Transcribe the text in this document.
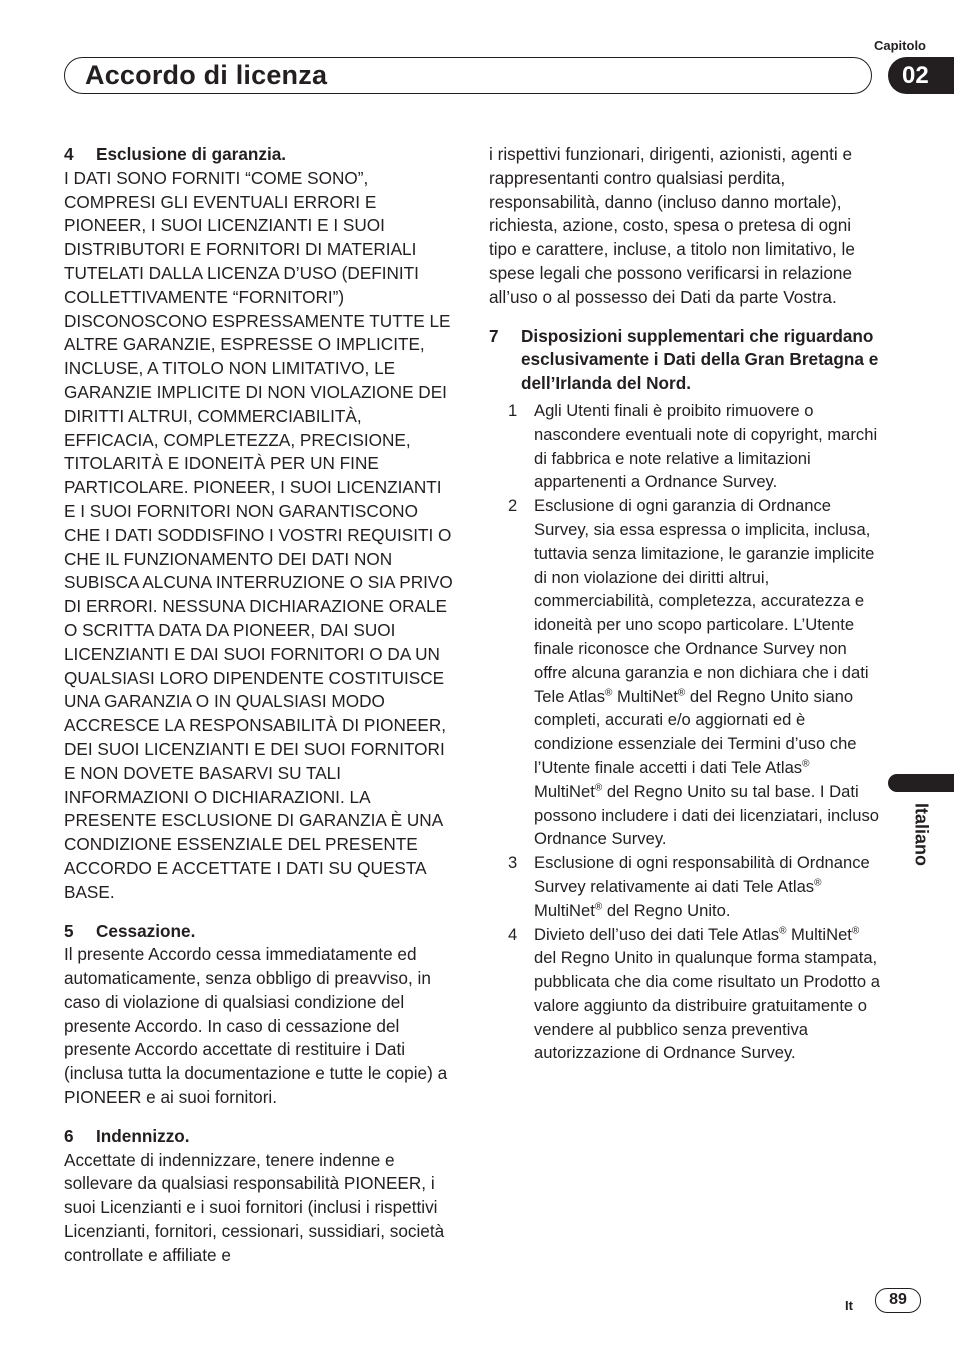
Capitolo
Accordo di licenza	02
4	Esclusione di garanzia.

I DATI SONO FORNITI “COME SONO”, COMPRESI GLI EVENTUALI ERRORI E PIONEER, I SUOI LICENZIANTI E I SUOI DISTRIBUTORI E FORNITORI DI MATERIALI TUTELATI DALLA LICENZA D’USO (DEFINITI COLLETTIVAMENTE “FORNITORI”) DISCONOSCONO ESPRESSAMENTE TUTTE LE ALTRE GARANZIE, ESPRESSE O IMPLICITE, INCLUSE, A TITOLO NON LIMITATIVO, LE GARANZIE IMPLICITE DI NON VIOLAZIONE DEI DIRITTI ALTRUI, COMMERCIABILITÀ, EFFICACIA, COMPLETEZZA, PRECISIONE, TITOLARITÀ E IDONEITÀ PER UN FINE PARTICOLARE. PIONEER, I SUOI LICENZIANTI E I SUOI FORNITORI NON GARANTISCONO CHE I DATI SODDISFINO I VOSTRI REQUISITI O CHE IL FUNZIONAMENTO DEI DATI NON SUBISCA ALCUNA INTERRUZIONE O SIA PRIVO DI ERRORI. NESSUNA DICHIARAZIONE ORALE O SCRITTA DATA DA PIONEER, DAI SUOI LICENZIANTI E DAI SUOI FORNITORI O DA UN QUALSIASI LORO DIPENDENTE COSTITUISCE UNA GARANZIA O IN QUALSIASI MODO ACCRESCE LA RESPONSABILITÀ DI PIONEER, DEI SUOI LICENZIANTI E DEI SUOI FORNITORI E NON DOVETE BASARVI SU TALI INFORMAZIONI O DICHIARAZIONI. LA PRESENTE ESCLUSIONE DI GARANZIA È UNA CONDIZIONE ESSENZIALE DEL PRESENTE ACCORDO E ACCETTATE I DATI SU QUESTA BASE.

5	Cessazione.

Il presente Accordo cessa immediatamente ed automaticamente, senza obbligo di preavviso, in caso di violazione di qualsiasi condizione del presente Accordo. In caso di cessazione del presente Accordo accettate di restituire i Dati (inclusa tutta la documentazione e tutte le copie) a PIONEER e ai suoi fornitori.

6	Indennizzo.

Accettate di indennizzare, tenere indenne e sollevare da qualsiasi responsabilità PIONEER, i suoi Licenzianti e i suoi fornitori (inclusi i rispettivi Licenzianti, fornitori, cessionari, sussidiari, società controllate e affiliate e

i rispettivi funzionari, dirigenti, azionisti, agenti e rappresentanti contro qualsiasi perdita, responsabilità, danno (incluso danno mortale), richiesta, azione, costo, spesa o pretesa di ogni tipo e carattere, incluse, a titolo non limitativo, le spese legali che possono verificarsi in relazione all’uso o al possesso dei Dati da parte Vostra.

7	Disposizioni supplementari che riguardano esclusivamente i Dati della Gran Bretagna e dell’Irlanda del Nord.
1	Agli Utenti finali è proibito rimuovere o nascondere eventuali note di copyright, marchi di fabbrica e note relative a limitazioni appartenenti a Ordnance Survey.
2	Esclusione di ogni garanzia di Ordnance Survey, sia essa espressa o implicita, inclusa, tuttavia senza limitazione, le garanzie implicite di non violazione dei diritti altrui, commerciabilità, completezza, accuratezza e idoneità per uno scopo particolare. L’Utente finale riconosce che Ordnance Survey non offre alcuna garanzia e non dichiara che i dati Tele Atlas® MultiNet® del Regno Unito siano completi, accurati e/o aggiornati ed è condizione essenziale dei Termini d’uso che l’Utente finale accetti i dati Tele Atlas® MultiNet® del Regno Unito su tal base. I Dati possono includere i dati dei licenziatari, incluso Ordnance Survey.
3	Esclusione di ogni responsabilità di Ordnance Survey relativamente ai dati Tele Atlas® MultiNet® del Regno Unito.
4	Divieto dell’uso dei dati Tele Atlas® MultiNet® del Regno Unito in qualunque forma stampata, pubblicata che dia come risultato un Prodotto a valore aggiunto da distribuire gratuitamente o vendere al pubblico senza preventiva autorizzazione di Ordnance Survey.
Italiano
It	89
